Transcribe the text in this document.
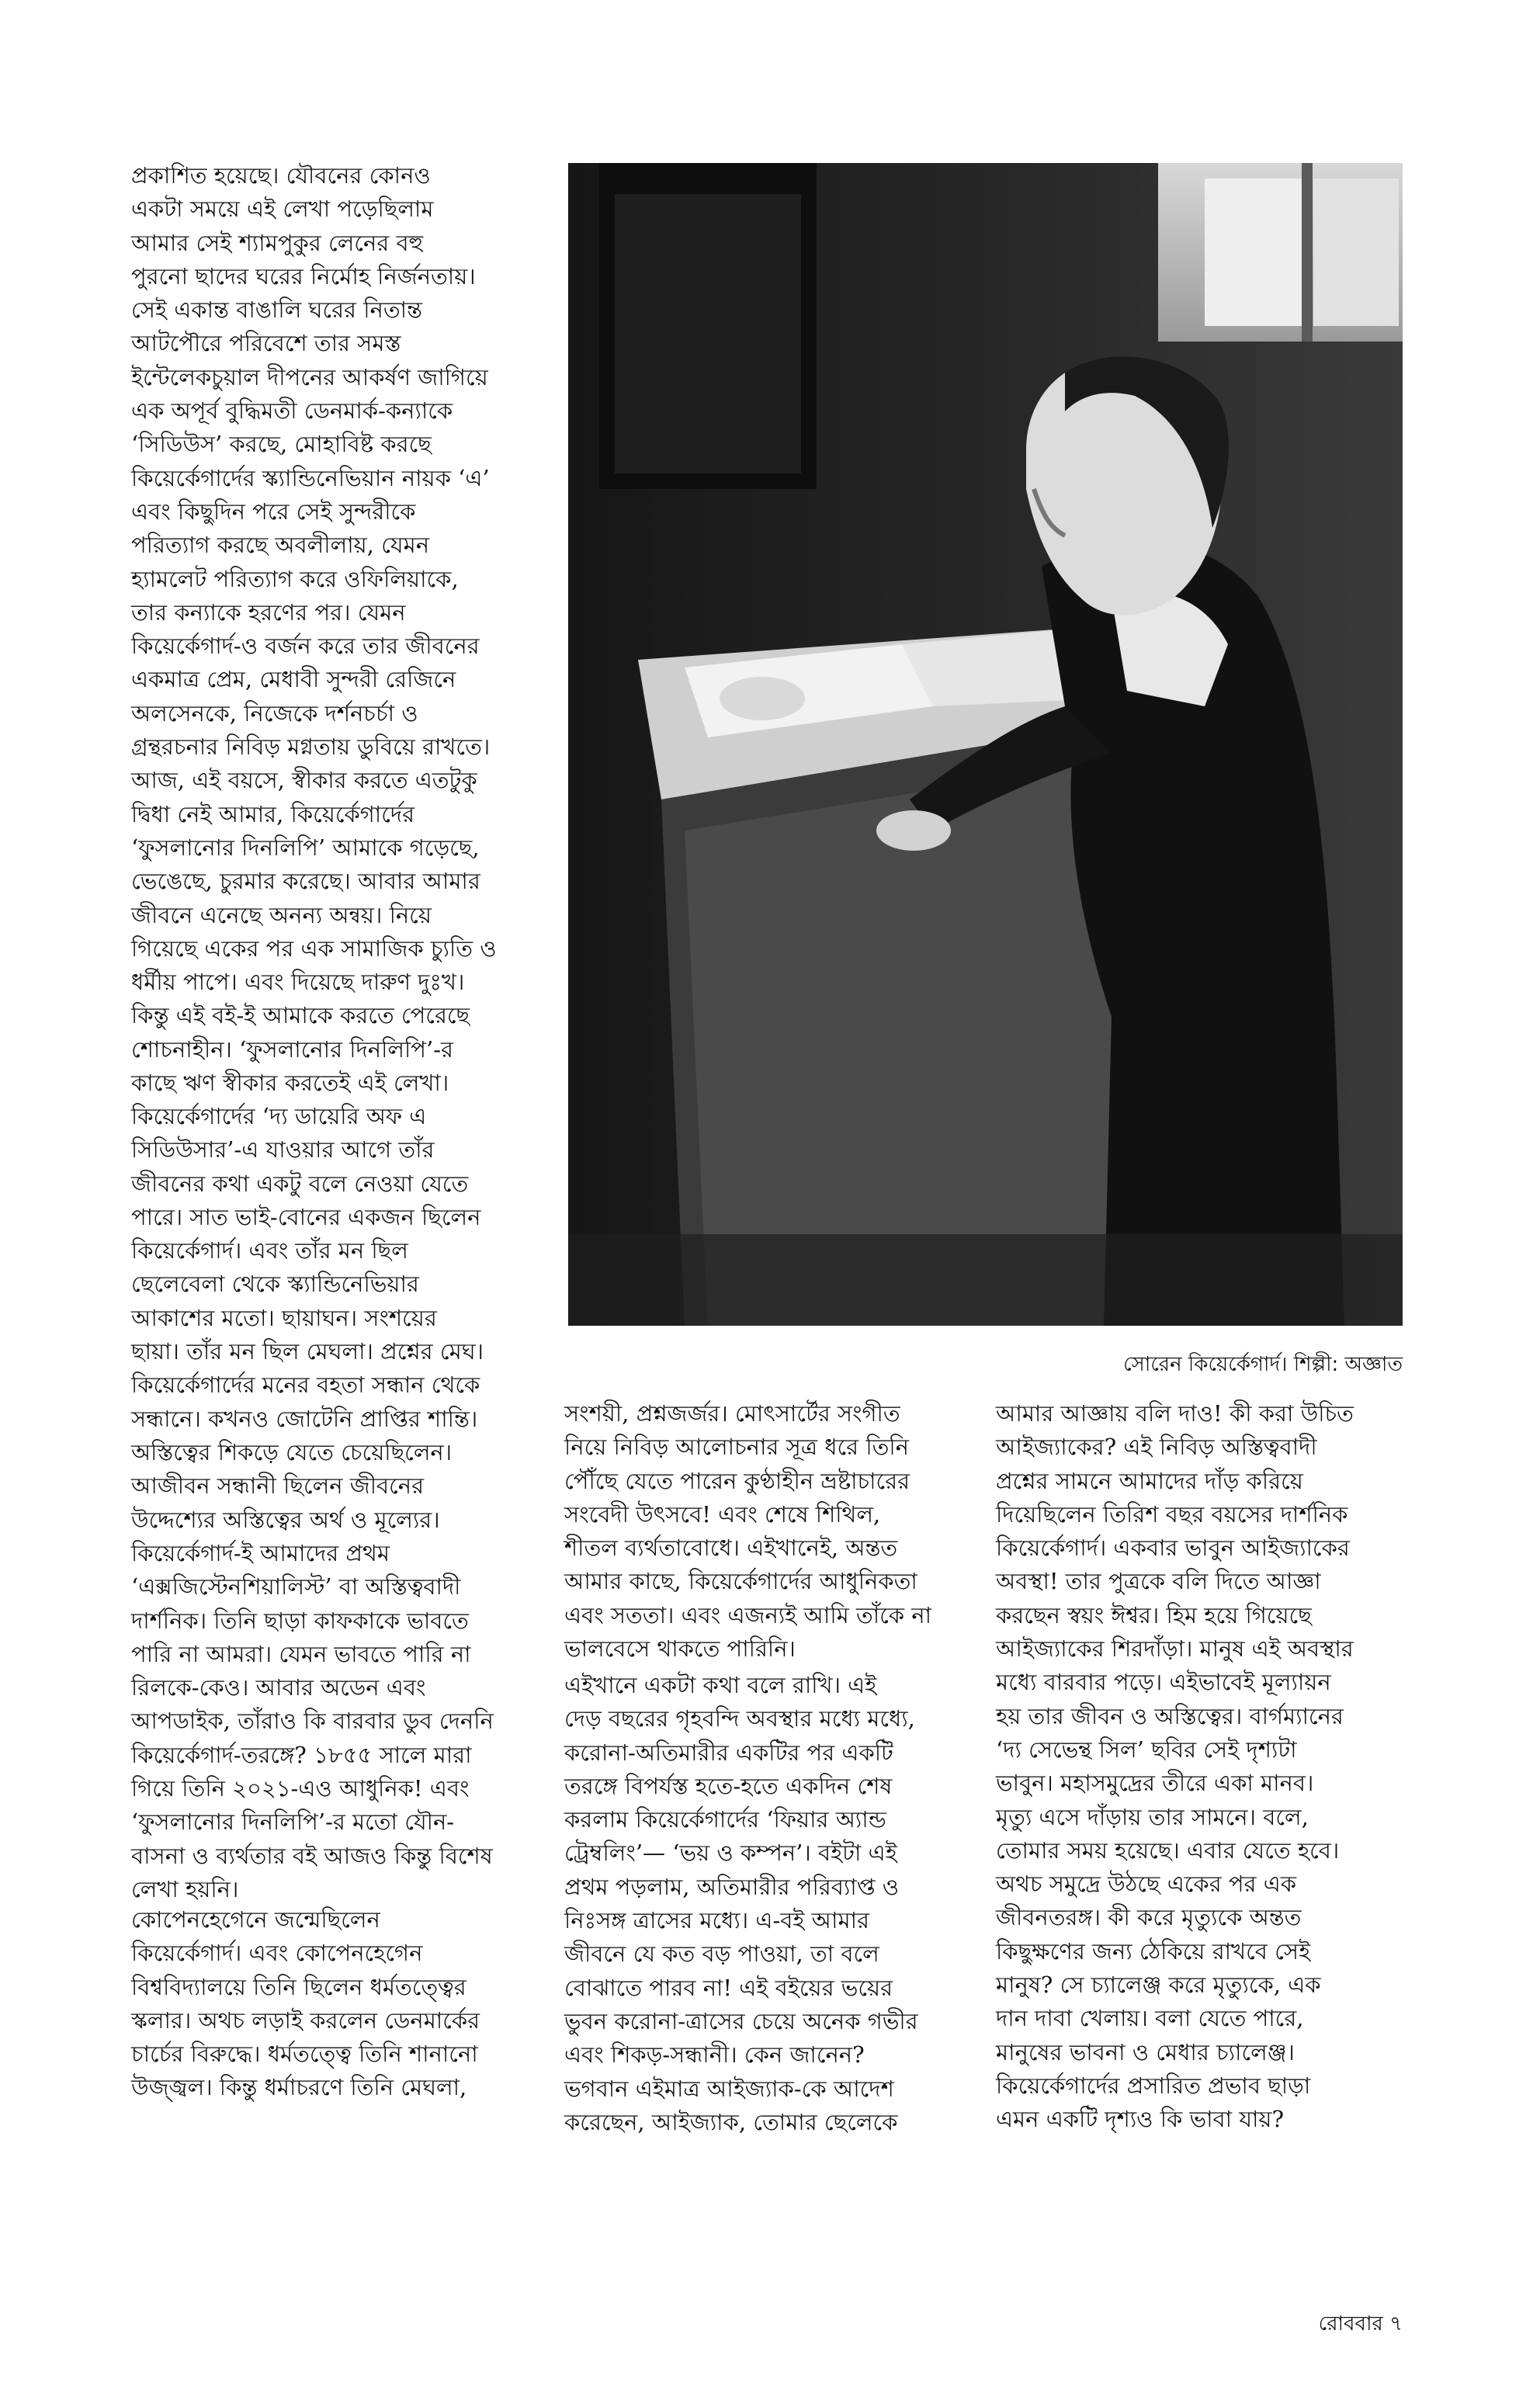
সোরেন কিয়ের্কেগার্দ। শিল্পী: অজ্ঞাত

প্রকাশিত হয়েছে। যৌবনের কোনও
একটা সময়ে এই লেখা পড়েছিলাম
আমার সেই শ্যামপুকুর লেনের বহু
পুরনো ছাদের ঘরের নির্মোহ নির্জনতায়।
সেই একান্ত বাঙালি ঘরের নিতান্ত
আটপৌরে পরিবেশে তার সমস্ত
ইন্টেলেকচুয়াল দীপনের আকর্ষণ জাগিয়ে
এক অপূর্ব বুদ্ধিমতী ডেনমার্ক-কন্যাকে
‘সিডিউস’ করছে, মোহাবিষ্ট করছে
কিয়ের্কেগার্দের স্ক্যান্ডিনেভিয়ান নায়ক ‘এ’
এবং কিছুদিন পরে সেই সুন্দরীকে
পরিত্যাগ করছে অবলীলায়, যেমন
হ্যামলেট পরিত্যাগ করে ওফিলিয়াকে,
তার কন্যাকে হরণের পর। যেমন
কিয়ের্কেগার্দ-ও বর্জন করে তার জীবনের
একমাত্র প্রেম, মেধাবী সুন্দরী রেজিনে
অলসেনকে, নিজেকে দর্শনচর্চা ও
গ্রন্থরচনার নিবিড় মগ্নতায় ডুবিয়ে রাখতে।
আজ, এই বয়সে, স্বীকার করতে এতটুকু
দ্বিধা নেই আমার, কিয়ের্কেগার্দের
‘ফুসলানোর দিনলিপি’ আমাকে গড়েছে,
ভেঙেছে, চুরমার করেছে। আবার আমার
জীবনে এনেছে অনন্য অন্বয়। নিয়ে
গিয়েছে একের পর এক সামাজিক চ্যুতি ও
ধর্মীয় পাপে। এবং দিয়েছে দারুণ দুঃখ।
কিন্তু এই বই-ই আমাকে করতে পেরেছে
শোচনাহীন। ‘ফুসলানোর দিনলিপি’-র
কাছে ঋণ স্বীকার করতেই এই লেখা।

কিয়ের্কেগার্দের ‘দ্য ডায়েরি অফ এ
সিডিউসার’-এ যাওয়ার আগে তাঁর
জীবনের কথা একটু বলে নেওয়া যেতে
পারে। সাত ভাই-বোনের একজন ছিলেন
কিয়ের্কেগার্দ। এবং তাঁর মন ছিল
ছেলেবেলা থেকে স্ক্যান্ডিনেভিয়ার
আকাশের মতো। ছায়াঘন। সংশয়ের
ছায়া। তাঁর মন ছিল মেঘলা। প্রশ্নের মেঘ।
কিয়ের্কেগার্দের মনের বহতা সন্ধান থেকে
সন্ধানে। কখনও জোটেনি প্রাপ্তির শান্তি।
অস্তিত্বের শিকড়ে যেতে চেয়েছিলেন।
আজীবন সন্ধানী ছিলেন জীবনের
উদ্দেশ্যের অস্তিত্বের অর্থ ও মূল্যের।

কিয়ের্কেগার্দ-ই আমাদের প্রথম
‘এক্সজিস্টেনশিয়ালিস্ট’ বা অস্তিত্ববাদী
দার্শনিক। তিনি ছাড়া কাফকাকে ভাবতে
পারি না আমরা। যেমন ভাবতে পারি না
রিলকে-কেও। আবার অডেন এবং
আপডাইক, তাঁরাও কি বারবার ডুব দেননি
কিয়ের্কেগার্দ-তরঙ্গে? ১৮৫৫ সালে মারা
গিয়ে তিনি ২০২১-এও আধুনিক! এবং
‘ফুসলানোর দিনলিপি’-র মতো যৌন-
বাসনা ও ব্যর্থতার বই আজও কিন্তু বিশেষ
লেখা হয়নি।

কোপেনহেগেনে জন্মেছিলেন
কিয়ের্কেগার্দ। এবং কোপেনহেগেন
বিশ্ববিদ্যালয়ে তিনি ছিলেন ধর্মতত্ত্বের
স্কলার। অথচ লড়াই করলেন ডেনমার্কের
চার্চের বিরুদ্ধে। ধর্মতত্ত্বে তিনি শানানো
উজ্জ্বল। কিন্তু ধর্মাচরণে তিনি মেঘলা,

সংশয়ী, প্রশ্নজর্জর। মোৎসার্টের সংগীত
নিয়ে নিবিড় আলোচনার সূত্র ধরে তিনি
পৌঁছে যেতে পারেন কুণ্ঠাহীন ভ্রষ্টাচারের
সংবেদী উৎসবে! এবং শেষে শিথিল,
শীতল ব্যর্থতাবোধে। এইখানেই, অন্তত
আমার কাছে, কিয়ের্কেগার্দের আধুনিকতা
এবং সততা। এবং এজন্যই আমি তাঁকে না
ভালবেসে থাকতে পারিনি।

এইখানে একটা কথা বলে রাখি। এই
দেড় বছরের গৃহবন্দি অবস্থার মধ্যে মধ্যে,
করোনা-অতিমারীর একটির পর একটি
তরঙ্গে বিপর্যস্ত হতে-হতে একদিন শেষ
করলাম কিয়ের্কেগার্দের ‘ফিয়ার অ্যান্ড
ট্রেম্বলিং’— ‘ভয় ও কম্পন’। বইটা এই
প্রথম পড়লাম, অতিমারীর পরিব্যাপ্ত ও
নিঃসঙ্গ ত্রাসের মধ্যে। এ-বই আমার
জীবনে যে কত বড় পাওয়া, তা বলে
বোঝাতে পারব না! এই বইয়ের ভয়ের
ভুবন করোনা-ত্রাসের চেয়ে অনেক গভীর
এবং শিকড়-সন্ধানী। কেন জানেন?
ভগবান এইমাত্র আইজ্যাক-কে আদেশ
করেছেন, আইজ্যাক, তোমার ছেলেকে

আমার আজ্ঞায় বলি দাও! কী করা উচিত
আইজ্যাকের? এই নিবিড় অস্তিত্ববাদী
প্রশ্নের সামনে আমাদের দাঁড় করিয়ে
দিয়েছিলেন তিরিশ বছর বয়সের দার্শনিক
কিয়ের্কেগার্দ। একবার ভাবুন আইজ্যাকের
অবস্থা! তার পুত্রকে বলি দিতে আজ্ঞা
করছেন স্বয়ং ঈশ্বর। হিম হয়ে গিয়েছে
আইজ্যাকের শিরদাঁড়া। মানুষ এই অবস্থার
মধ্যে বারবার পড়ে। এইভাবেই মূল্যায়ন
হয় তার জীবন ও অস্তিত্বের। বার্গম্যানের
‘দ্য সেভেন্থ সিল’ ছবির সেই দৃশ্যটা
ভাবুন। মহাসমুদ্রের তীরে একা মানব।
মৃত্যু এসে দাঁড়ায় তার সামনে। বলে,
তোমার সময় হয়েছে। এবার যেতে হবে।
অথচ সমুদ্রে উঠছে একের পর এক
জীবনতরঙ্গ। কী করে মৃত্যুকে অন্তত
কিছুক্ষণের জন্য ঠেকিয়ে রাখবে সেই
মানুষ? সে চ্যালেঞ্জ করে মৃত্যুকে, এক
দান দাবা খেলায়। বলা যেতে পারে,
মানুষের ভাবনা ও মেধার চ্যালেঞ্জ।
কিয়ের্কেগার্দের প্রসারিত প্রভাব ছাড়া
এমন একটি দৃশ্যও কি ভাবা যায়?

রোববার ৭
